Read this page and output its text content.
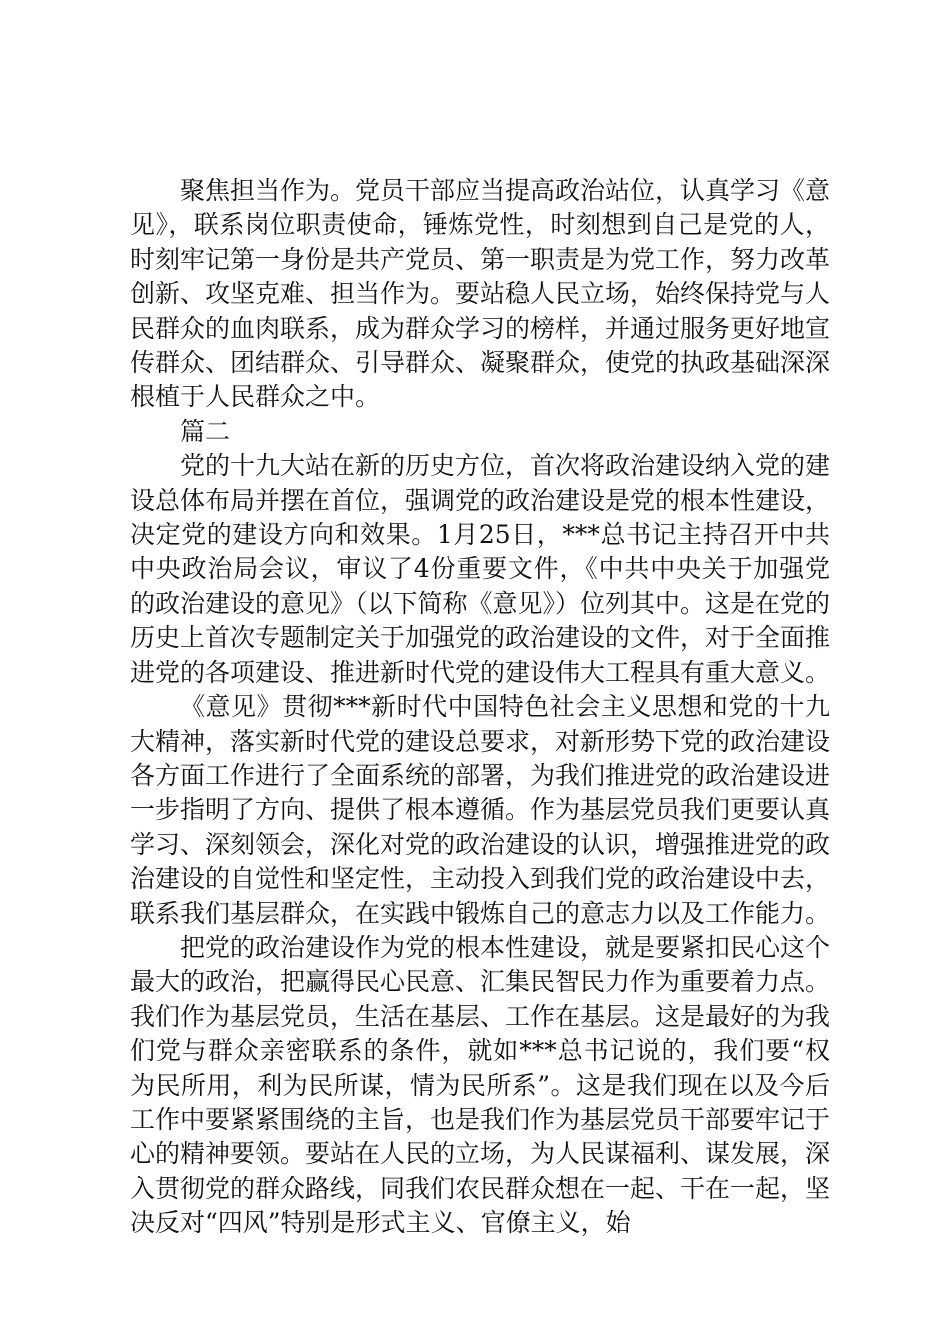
聚焦担当作为。党员干部应当提高政治站位，认真学习《意见》，联系岗位职责使命，锤炼党性，时刻想到自己是党的人，时刻牢记第一身份是共产党员、第一职责是为党工作，努力改革创新、攻坚克难、担当作为。要站稳人民立场，始终保持党与人民群众的血肉联系，成为群众学习的榜样，并通过服务更好地宣传群众、团结群众、引导群众、凝聚群众，使党的执政基础深深根植于人民群众之中。

篇二

党的十九大站在新的历史方位，首次将政治建设纳入党的建设总体布局并摆在首位，强调党的政治建设是党的根本性建设，决定党的建设方向和效果。1月25日，***总书记主持召开中共中央政治局会议，审议了4份重要文件，《中共中央关于加强党的政治建设的意见》（以下简称《意见》）位列其中。这是在党的历史上首次专题制定关于加强党的政治建设的文件，对于全面推进党的各项建设、推进新时代党的建设伟大工程具有重大意义。

《意见》贯彻***新时代中国特色社会主义思想和党的十九大精神，落实新时代党的建设总要求，对新形势下党的政治建设各方面工作进行了全面系统的部署，为我们推进党的政治建设进一步指明了方向、提供了根本遵循。作为基层党员我们更要认真学习、深刻领会，深化对党的政治建设的认识，增强推进党的政治建设的自觉性和坚定性，主动投入到我们党的政治建设中去，联系我们基层群众，在实践中锻炼自己的意志力以及工作能力。

把党的政治建设作为党的根本性建设，就是要紧扣民心这个最大的政治，把赢得民心民意、汇集民智民力作为重要着力点。我们作为基层党员，生活在基层、工作在基层。这是最好的为我们党与群众亲密联系的条件，就如***总书记说的，我们要“权为民所用，利为民所谋，情为民所系”。这是我们现在以及今后工作中要紧紧围绕的主旨，也是我们作为基层党员干部要牢记于心的精神要领。要站在人民的立场，为人民谋福利、谋发展，深入贯彻党的群众路线，同我们农民群众想在一起、干在一起，坚决反对“四风”特别是形式主义、官僚主义，始
